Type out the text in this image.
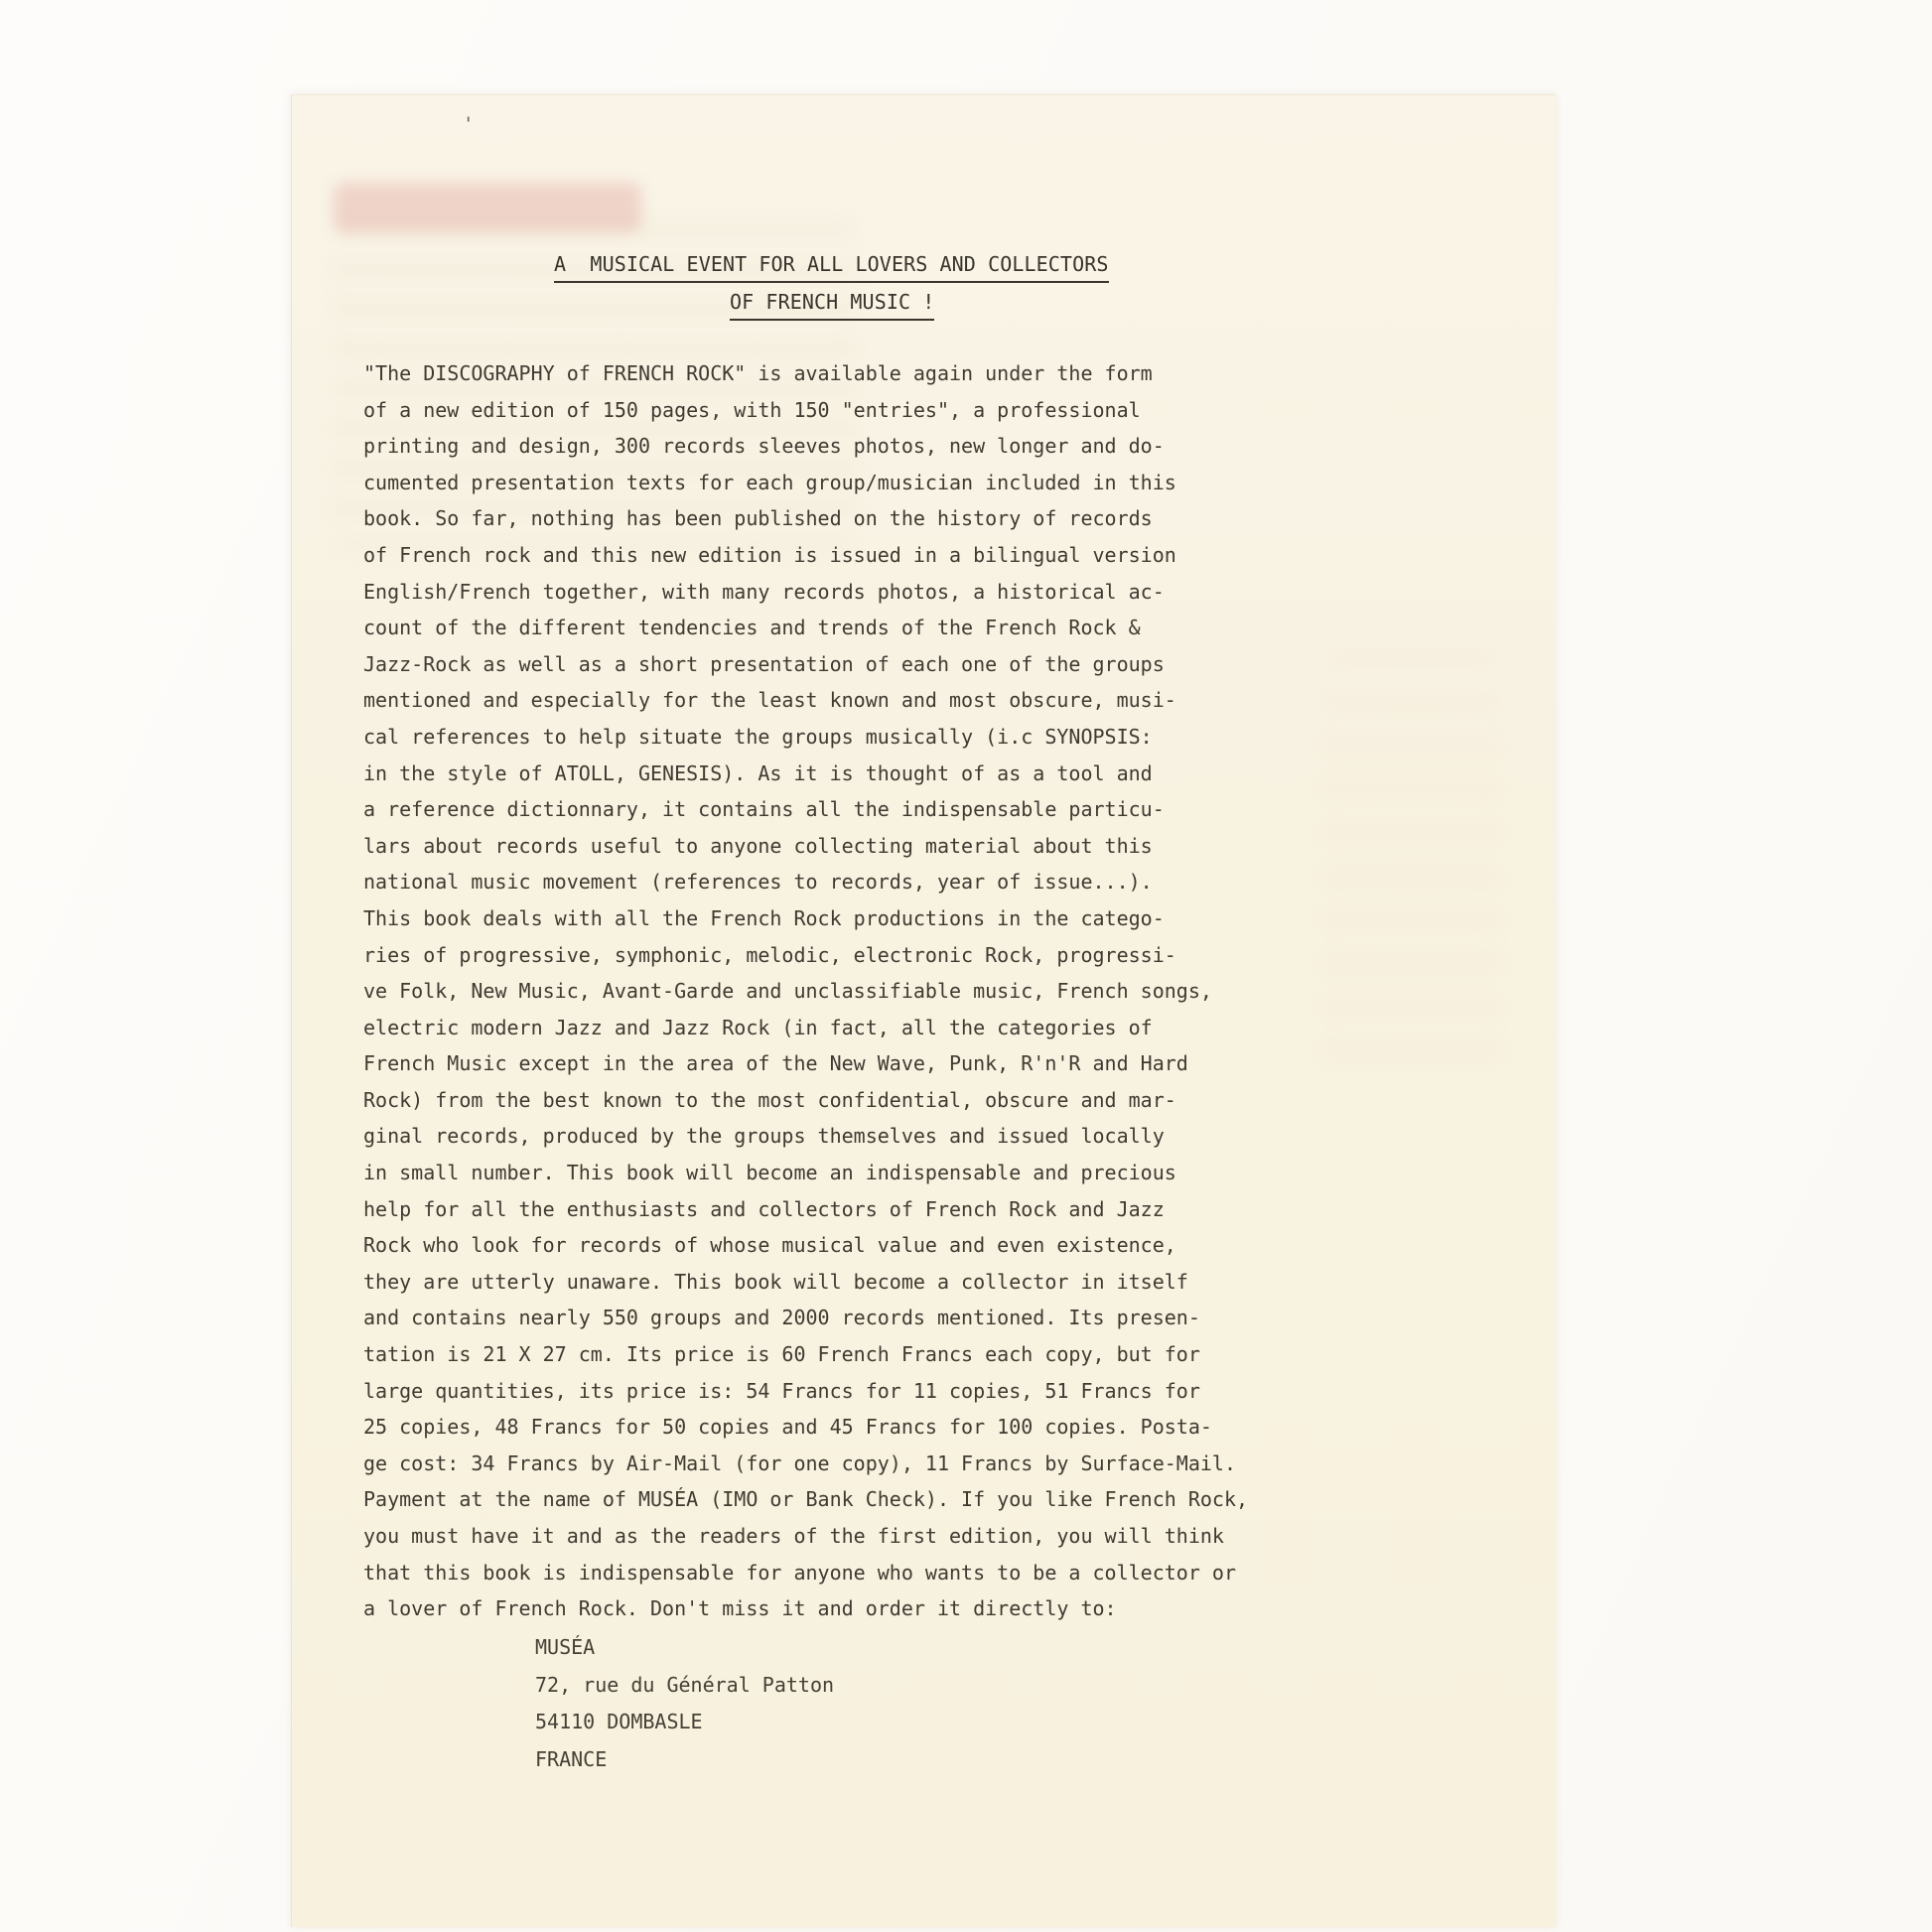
'
A  MUSICAL EVENT FOR ALL LOVERS AND COLLECTORS
OF FRENCH MUSIC !
"The DISCOGRAPHY of FRENCH ROCK" is available again under the form
of a new edition of 150 pages, with 150 "entries", a professional
printing and design, 300 records sleeves photos, new longer and do-
cumented presentation texts for each group/musician included in this
book. So far, nothing has been published on the history of records
of French rock and this new edition is issued in a bilingual version
English/French together, with many records photos, a historical ac-
count of the different tendencies and trends of the French Rock &
Jazz-Rock as well as a short presentation of each one of the groups
mentioned and especially for the least known and most obscure, musi-
cal references to help situate the groups musically (i.c SYNOPSIS:
in the style of ATOLL, GENESIS). As it is thought of as a tool and
a reference dictionnary, it contains all the indispensable particu-
lars about records useful to anyone collecting material about this
national music movement (references to records, year of issue...).
This book deals with all the French Rock productions in the catego-
ries of progressive, symphonic, melodic, electronic Rock, progressi-
ve Folk, New Music, Avant-Garde and unclassifiable music, French songs,
electric modern Jazz and Jazz Rock (in fact, all the categories of
French Music except in the area of the New Wave, Punk, R'n'R and Hard
Rock) from the best known to the most confidential, obscure and mar-
ginal records, produced by the groups themselves and issued locally
in small number. This book will become an indispensable and precious
help for all the enthusiasts and collectors of French Rock and Jazz
Rock who look for records of whose musical value and even existence,
they are utterly unaware. This book will become a collector in itself
and contains nearly 550 groups and 2000 records mentioned. Its presen-
tation is 21 X 27 cm. Its price is 60 French Francs each copy, but for
large quantities, its price is: 54 Francs for 11 copies, 51 Francs for
25 copies, 48 Francs for 50 copies and 45 Francs for 100 copies. Posta-
ge cost: 34 Francs by Air-Mail (for one copy), 11 Francs by Surface-Mail.
Payment at the name of MUSÉA (IMO or Bank Check). If you like French Rock,
you must have it and as the readers of the first edition, you will think
that this book is indispensable for anyone who wants to be a collector or
a lover of French Rock. Don't miss it and order it directly to:
MUSÉA
72, rue du Général Patton
54110 DOMBASLE
FRANCE
